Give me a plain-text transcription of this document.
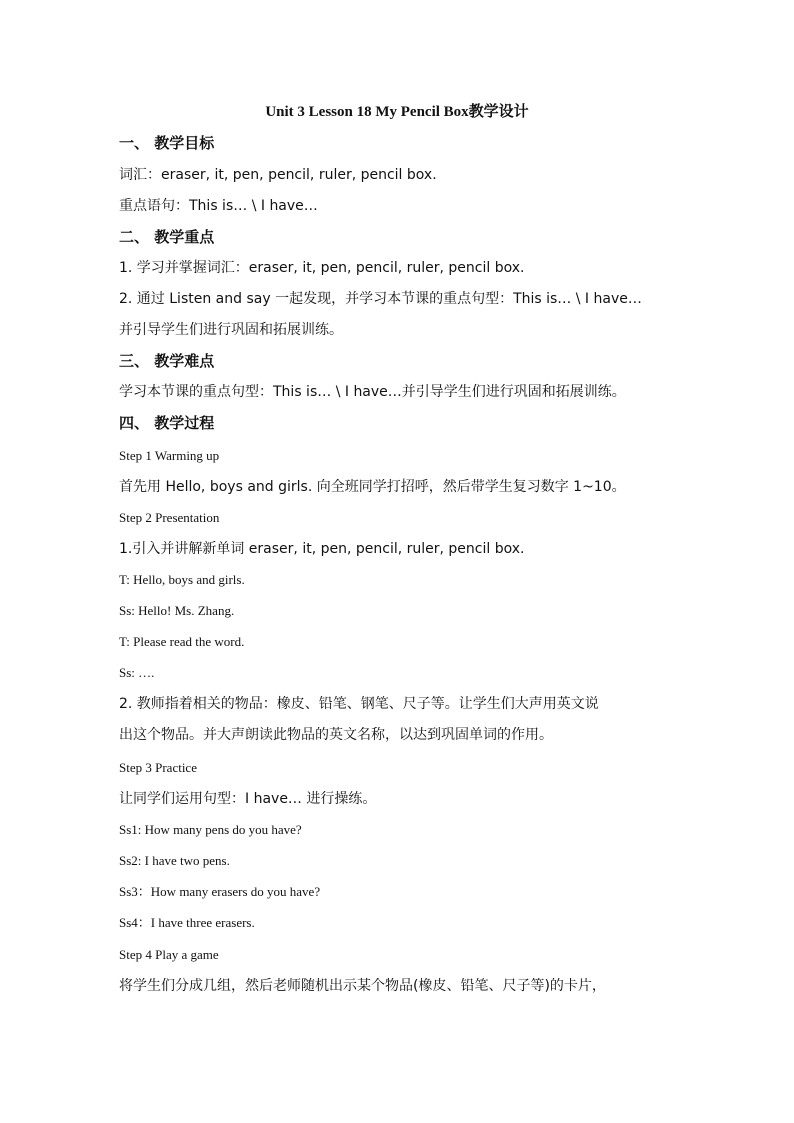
Unit 3 Lesson 18 My Pencil Box教学设计
一、 教学目标
词汇：eraser, it, pen, pencil, ruler, pencil box.
重点语句：This is… \ I have…
二、 教学重点
1. 学习并掌握词汇：eraser, it, pen, pencil, ruler, pencil box.
2. 通过 Listen and say 一起发现，并学习本节课的重点句型：This is… \ I have…
并引导学生们进行巩固和拓展训练。
三、 教学难点
学习本节课的重点句型：This is… \ I have…并引导学生们进行巩固和拓展训练。
四、 教学过程
Step 1 Warming up
首先用 Hello, boys and girls. 向全班同学打招呼，然后带学生复习数字 1~10。
Step 2 Presentation
1.引入并讲解新单词 eraser, it, pen, pencil, ruler, pencil box.
T: Hello, boys and girls.
Ss: Hello! Ms. Zhang.
T: Please read the word.
Ss: ….
2. 教师指着相关的物品：橡皮、铅笔、钢笔、尺子等。让学生们大声用英文说
出这个物品。并大声朗读此物品的英文名称，以达到巩固单词的作用。
Step 3 Practice
让同学们运用句型：I have… 进行操练。
Ss1: How many pens do you have?
Ss2: I have two pens.
Ss3：How many erasers do you have?
Ss4：I have three erasers.
Step 4 Play a game
将学生们分成几组，然后老师随机出示某个物品(橡皮、铅笔、尺子等)的卡片，
